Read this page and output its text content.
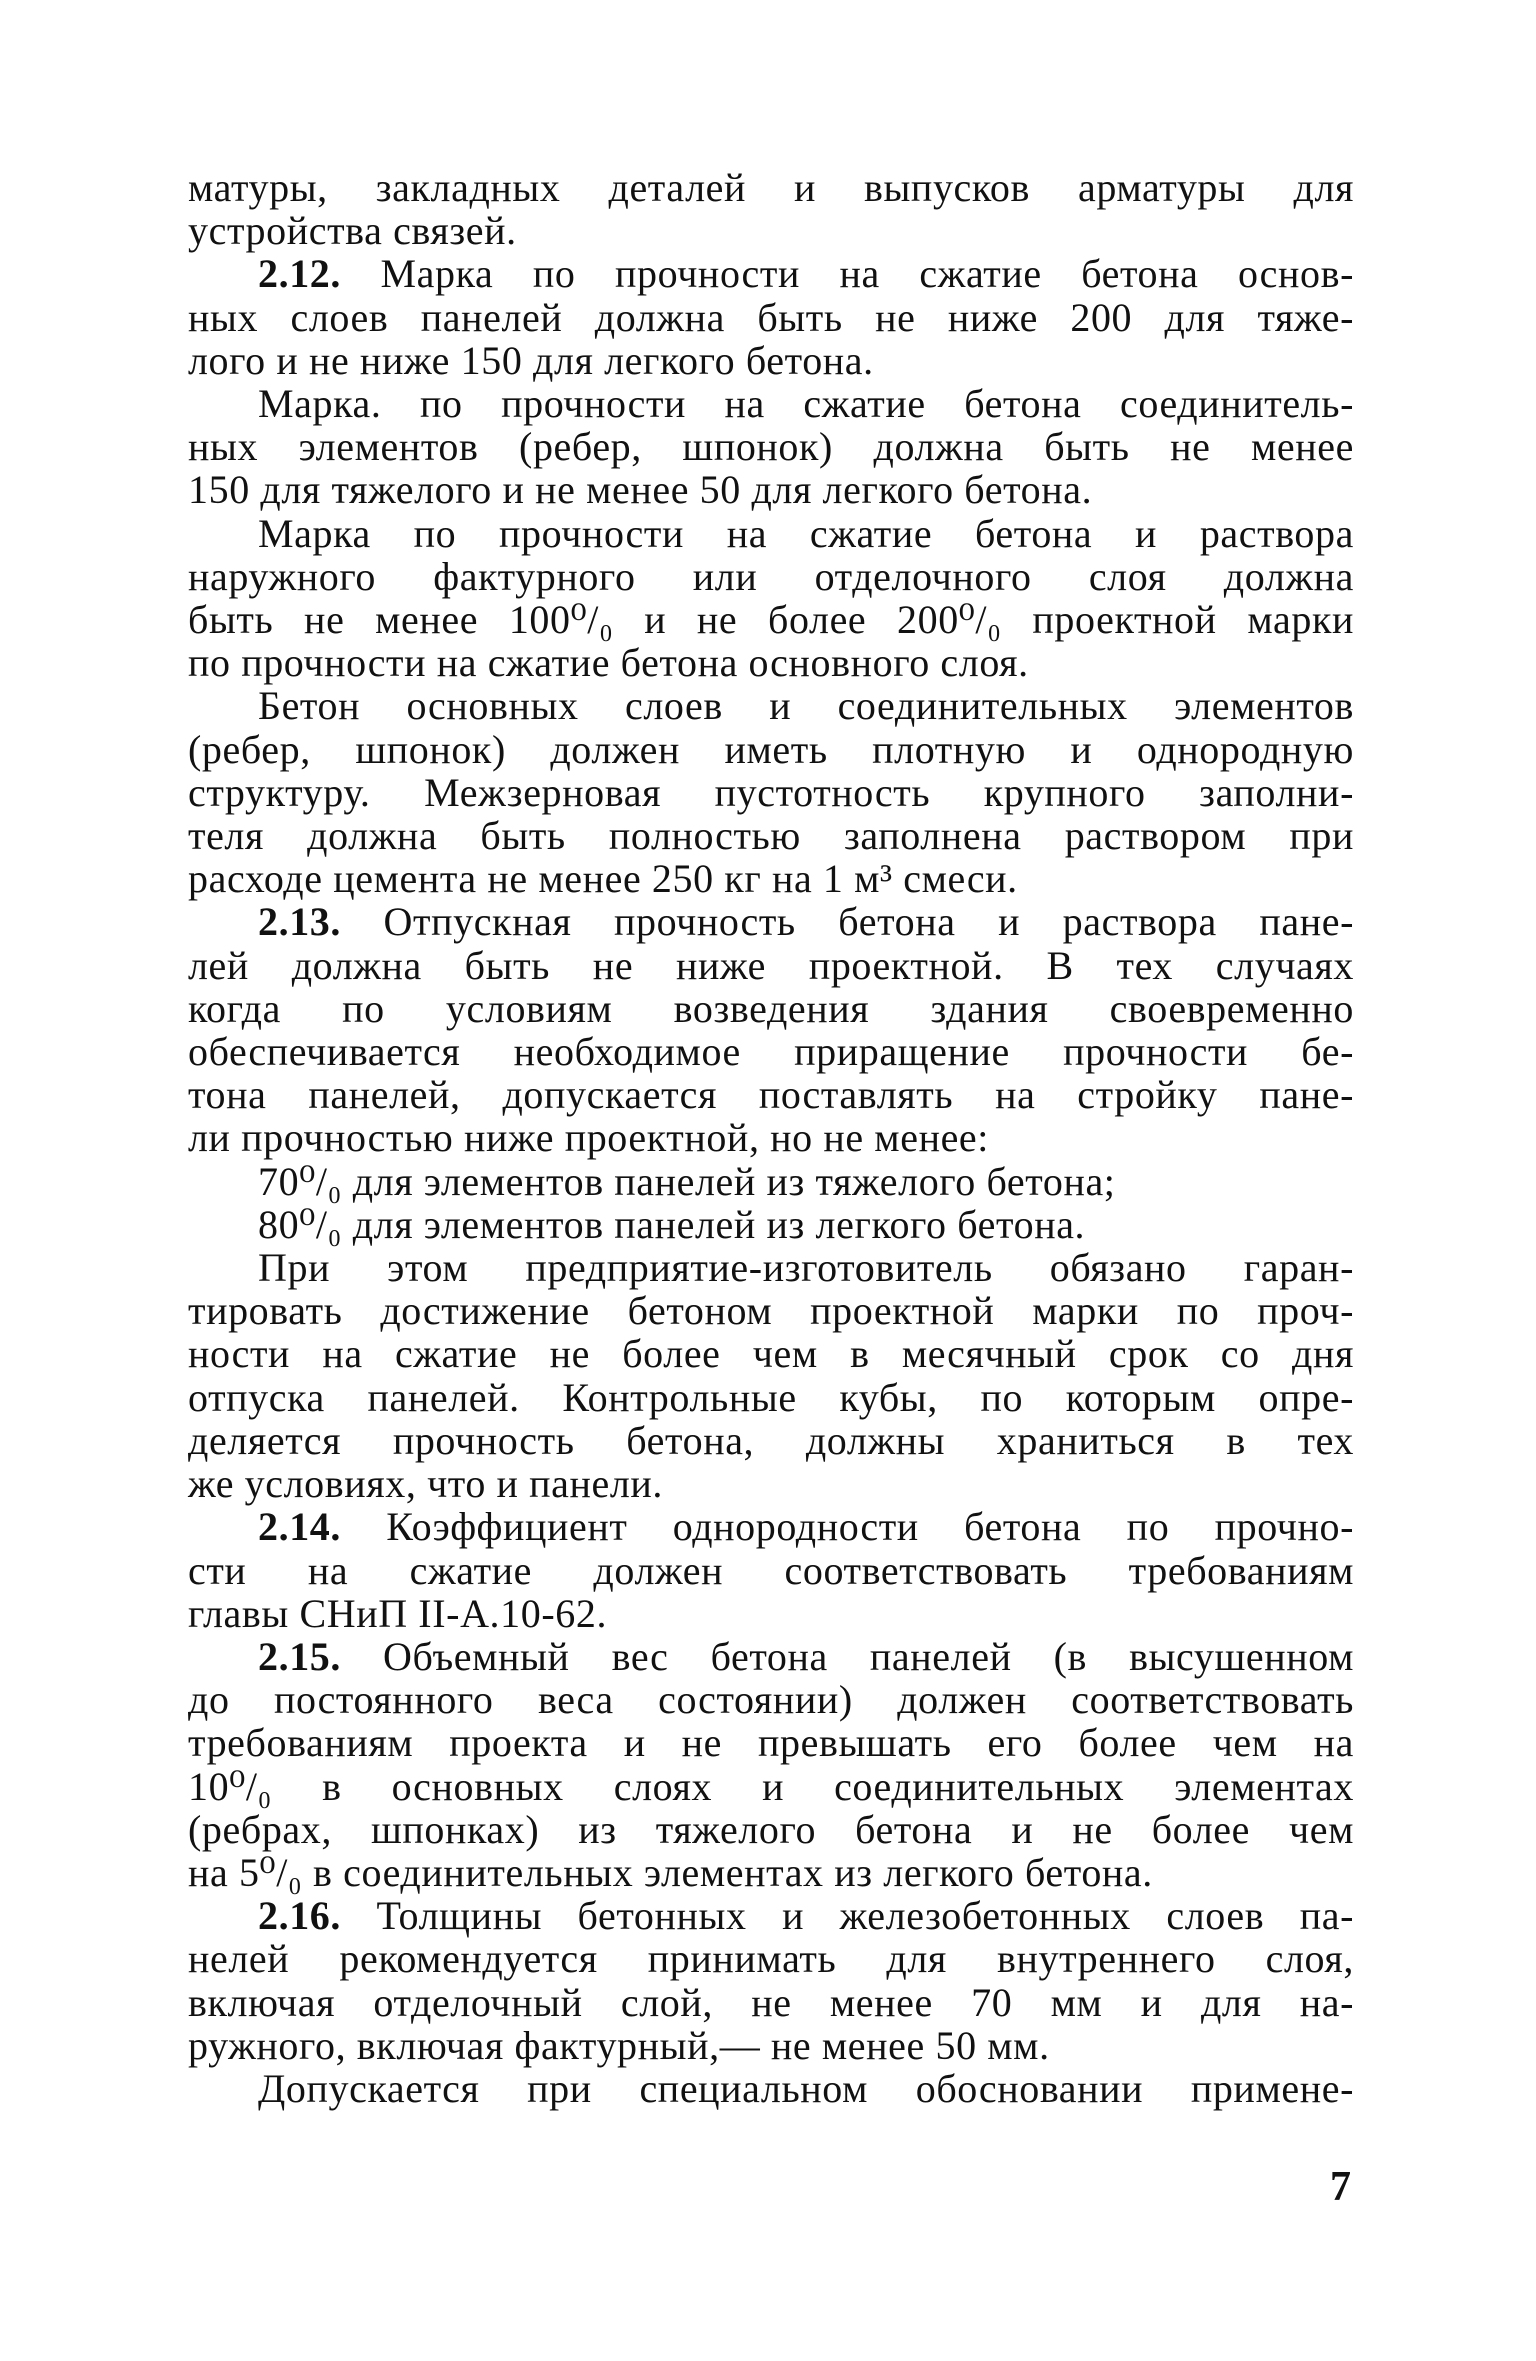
матуры, закладных деталей и выпусков арматуры для
устройства связей.
2.12. Марка по прочности на сжатие бетона основ-
ных слоев панелей должна быть не ниже 200 для тяже-
лого и не ниже 150 для легкого бетона.
Марка. по прочности на сжатие бетона соединитель-
ных элементов (ребер, шпонок) должна быть не менее
150 для тяжелого и не менее 50 для легкого бетона.
Марка по прочности на сжатие бетона и раствора
наружного фактурного или отделочного слоя должна
быть не менее 100⁰/₀ и не более 200⁰/₀ проектной марки
по прочности на сжатие бетона основного слоя.
Бетон основных слоев и соединительных элементов
(ребер, шпонок) должен иметь плотную и однородную
структуру. Межзерновая пустотность крупного заполни-
теля должна быть полностью заполнена раствором при
расходе цемента не менее 250 кг на 1 м³ смеси.
2.13. Отпускная прочность бетона и раствора пане-
лей должна быть не ниже проектной. В тех случаях
когда по условиям возведения здания своевременно
обеспечивается необходимое приращение прочности бе-
тона панелей, допускается поставлять на стройку пане-
ли прочностью ниже проектной, но не менее:
70⁰/₀ для элементов панелей из тяжелого бетона;
80⁰/₀ для элементов панелей из легкого бетона.
При этом предприятие-изготовитель обязано гаран-
тировать достижение бетоном проектной марки по проч-
ности на сжатие не более чем в месячный срок со дня
отпуска панелей. Контрольные кубы, по которым опре-
деляется прочность бетона, должны храниться в тех
же условиях, что и панели.
2.14. Коэффициент однородности бетона по прочно-
сти на сжатие должен соответствовать требованиям
главы СНиП II-А.10-62.
2.15. Объемный вес бетона панелей (в высушенном
до постоянного веса состоянии) должен соответствовать
требованиям проекта и не превышать его более чем на
10⁰/₀ в основных слоях и соединительных элементах
(ребрах, шпонках) из тяжелого бетона и не более чем
на 5⁰/₀ в соединительных элементах из легкого бетона.
2.16. Толщины бетонных и железобетонных слоев па-
нелей рекомендуется принимать для внутреннего слоя,
включая отделочный слой, не менее 70 мм и для на-
ружного, включая фактурный,— не менее 50 мм.
Допускается при специальном обосновании примене-
7
